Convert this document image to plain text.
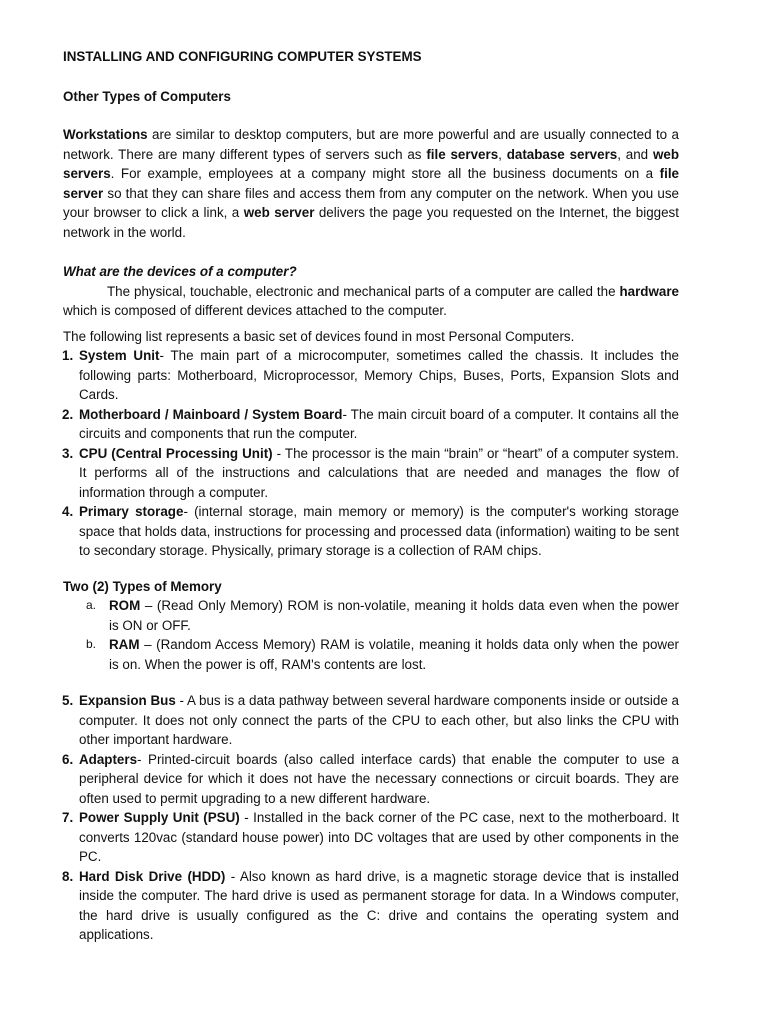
INSTALLING AND CONFIGURING COMPUTER SYSTEMS

Other Types of Computers

Workstations are similar to desktop computers, but are more powerful and are usually connected to a network. There are many different types of servers such as file servers, database servers, and web servers. For example, employees at a company might store all the business documents on a file server so that they can share files and access them from any computer on the network. When you use your browser to click a link, a web server delivers the page you requested on the Internet, the biggest network in the world.

What are the devices of a computer?

The physical, touchable, electronic and mechanical parts of a computer are called the hardware which is composed of different devices attached to the computer.

The following list represents a basic set of devices found in most Personal Computers.

1. System Unit- The main part of a microcomputer, sometimes called the chassis. It includes the following parts: Motherboard, Microprocessor, Memory Chips, Buses, Ports, Expansion Slots and Cards.
2. Motherboard / Mainboard / System Board- The main circuit board of a computer. It contains all the circuits and components that run the computer.
3. CPU (Central Processing Unit) - The processor is the main “brain” or “heart” of a computer system. It performs all of the instructions and calculations that are needed and manages the flow of information through a computer.
4. Primary storage- (internal storage, main memory or memory) is the computer's working storage space that holds data, instructions for processing and processed data (information) waiting to be sent to secondary storage. Physically, primary storage is a collection of RAM chips.

Two (2) Types of Memory

a. ROM – (Read Only Memory) ROM is non-volatile, meaning it holds data even when the power is ON or OFF.
b. RAM – (Random Access Memory) RAM is volatile, meaning it holds data only when the power is on. When the power is off, RAM's contents are lost.
5. Expansion Bus - A bus is a data pathway between several hardware components inside or outside a computer. It does not only connect the parts of the CPU to each other, but also links the CPU with other important hardware.
6. Adapters- Printed-circuit boards (also called interface cards) that enable the computer to use a peripheral device for which it does not have the necessary connections or circuit boards. They are often used to permit upgrading to a new different hardware.
7. Power Supply Unit (PSU) - Installed in the back corner of the PC case, next to the motherboard. It converts 120vac (standard house power) into DC voltages that are used by other components in the PC.
8. Hard Disk Drive (HDD) - Also known as hard drive, is a magnetic storage device that is installed inside the computer. The hard drive is used as permanent storage for data. In a Windows computer, the hard drive is usually configured as the C: drive and contains the operating system and applications.
